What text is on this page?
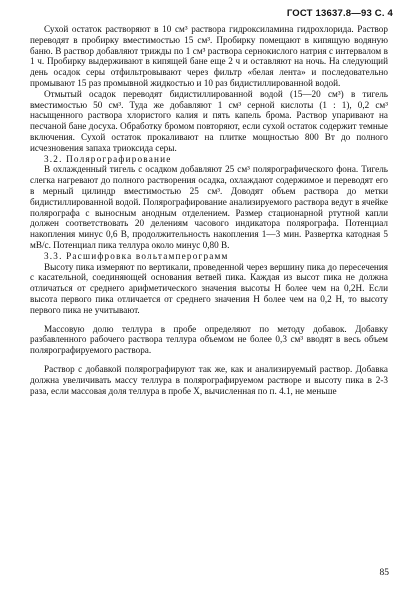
ГОСТ 13637.8—93 С. 4

Сухой остаток растворяют в 10 см³ раствора гидроксиламина гидрохлорида. Раствор переводят в пробирку вместимостью 15 см³. Пробирку помещают в кипящую водяную баню. В раствор добавляют трижды по 1 см³ раствора сернокислого натрия с интервалом в 1 ч. Пробирку выдерживают в кипящей бане еще 2 ч и оставляют на ночь. На следующий день осадок серы отфильтровывают через фильтр «белая лента» и последовательно промывают 15 раз промывной жидкостью и 10 раз бидистиллированной водой.

Отмытый осадок переводят бидистиллированной водой (15—20 см³) в тигель вместимостью 50 см³. Туда же добавляют 1 см³ серной кислоты (1 : 1), 0,2 см³ насыщенного раствора хлористого калия и пять капель брома. Раствор упаривают на песчаной бане досуха. Обработку бромом повторяют, если сухой остаток содержит темные включения. Сухой остаток прокаливают на плитке мощностью 800 Вт до полного исчезновения запаха триоксида серы.

3.2. Полярографирование

В охлажденный тигель с осадком добавляют 25 см³ полярографического фона. Тигель слегка нагревают до полного растворения осадка, охлаждают содержимое и переводят его в мерный цилиндр вместимостью 25 см³. Доводят объем раствора до метки бидистиллированной водой. Полярографирование анализируемого раствора ведут в ячейке полярографа с выносным анодным отделением. Размер стационарной ртутной капли должен соответствовать 20 делениям часового индикатора полярографа. Потенциал накопления минус 0,6 В, продолжительность накопления 1—3 мин. Развертка катодная 5 мВ/с. Потенциал пика теллура около минус 0,80 В.

3.3. Расшифровка вольтамперограмм

Высоту пика измеряют по вертикали, проведенной через вершину пика до пересечения с касательной, соединяющей основания ветвей пика. Каждая из высот пика не должна отличаться от среднего арифметического значения высоты H более чем на 0,2H. Если высота первого пика отличается от среднего значения H более чем на 0,2 H, то высоту первого пика не учитывают.

Массовую долю теллура в пробе определяют по методу добавок. Добавку разбавленного рабочего раствора теллура объемом не более 0,3 см³ вводят в весь объем полярографируемого раствора.

Раствор с добавкой полярографируют так же, как и анализируемый раствор. Добавка должна увеличивать массу теллура в полярографируемом растворе и высоту пика в 2-3 раза, если массовая доля теллура в пробе X, вычисленная по п. 4.1, не меньше

85
